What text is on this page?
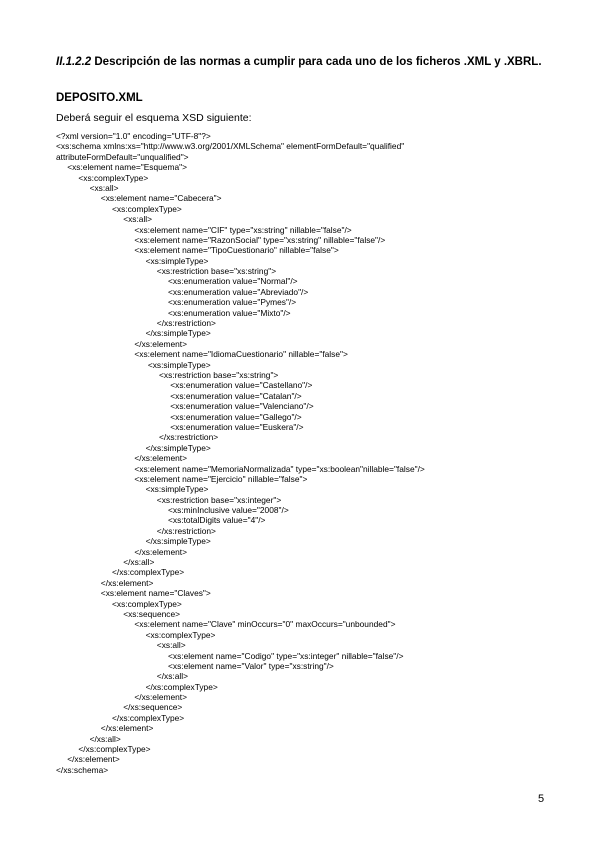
II.1.2.2 Descripción de las normas a cumplir para cada uno de los ficheros .XML y .XBRL.
DEPOSITO.XML
Deberá seguir el esquema XSD siguiente:
<?xml version="1.0" encoding="UTF-8"?>
<xs:schema xmlns:xs="http://www.w3.org/2001/XMLSchema" elementFormDefault="qualified"
attributeFormDefault="unqualified">
<xs:element name="Esquema">
<xs:complexType>
<xs:all>
<xs:element name="Cabecera">
<xs:complexType>
<xs:all>
<xs:element name="CIF" type="xs:string" nillable="false"/>
<xs:element name="RazonSocial" type="xs:string" nillable="false"/>
<xs:element name="TipoCuestionario" nillable="false">
<xs:simpleType>
<xs:restriction base="xs:string">
<xs:enumeration value="Normal"/>
<xs:enumeration value="Abreviado"/>
<xs:enumeration value="Pymes"/>
<xs:enumeration value="Mixto"/>
</xs:restriction>
</xs:simpleType>
</xs:element>
<xs:element name="IdiomaCuestionario" nillable="false">
<xs:simpleType>
<xs:restriction base="xs:string">
<xs:enumeration value="Castellano"/>
<xs:enumeration value="Catalan"/>
<xs:enumeration value="Valenciano"/>
<xs:enumeration value="Gallego"/>
<xs:enumeration value="Euskera"/>
</xs:restriction>
</xs:simpleType>
</xs:element>
<xs:element name="MemoriaNormalizada" type="xs:boolean"nillable="false"/>
<xs:element name="Ejercicio" nillable="false">
<xs:simpleType>
<xs:restriction base="xs:integer">
<xs:minInclusive value="2008"/>
<xs:totalDigits value="4"/>
</xs:restriction>
</xs:simpleType>
</xs:element>
</xs:all>
</xs:complexType>
</xs:element>
<xs:element name="Claves">
<xs:complexType>
<xs:sequence>
<xs:element name="Clave" minOccurs="0" maxOccurs="unbounded">
<xs:complexType>
<xs:all>
<xs:element name="Codigo" type="xs:integer" nillable="false"/>
<xs:element name="Valor" type="xs:string"/>
</xs:all>
</xs:complexType>
</xs:element>
</xs:sequence>
</xs:complexType>
</xs:element>
</xs:all>
</xs:complexType>
</xs:element>
</xs:schema>
5
